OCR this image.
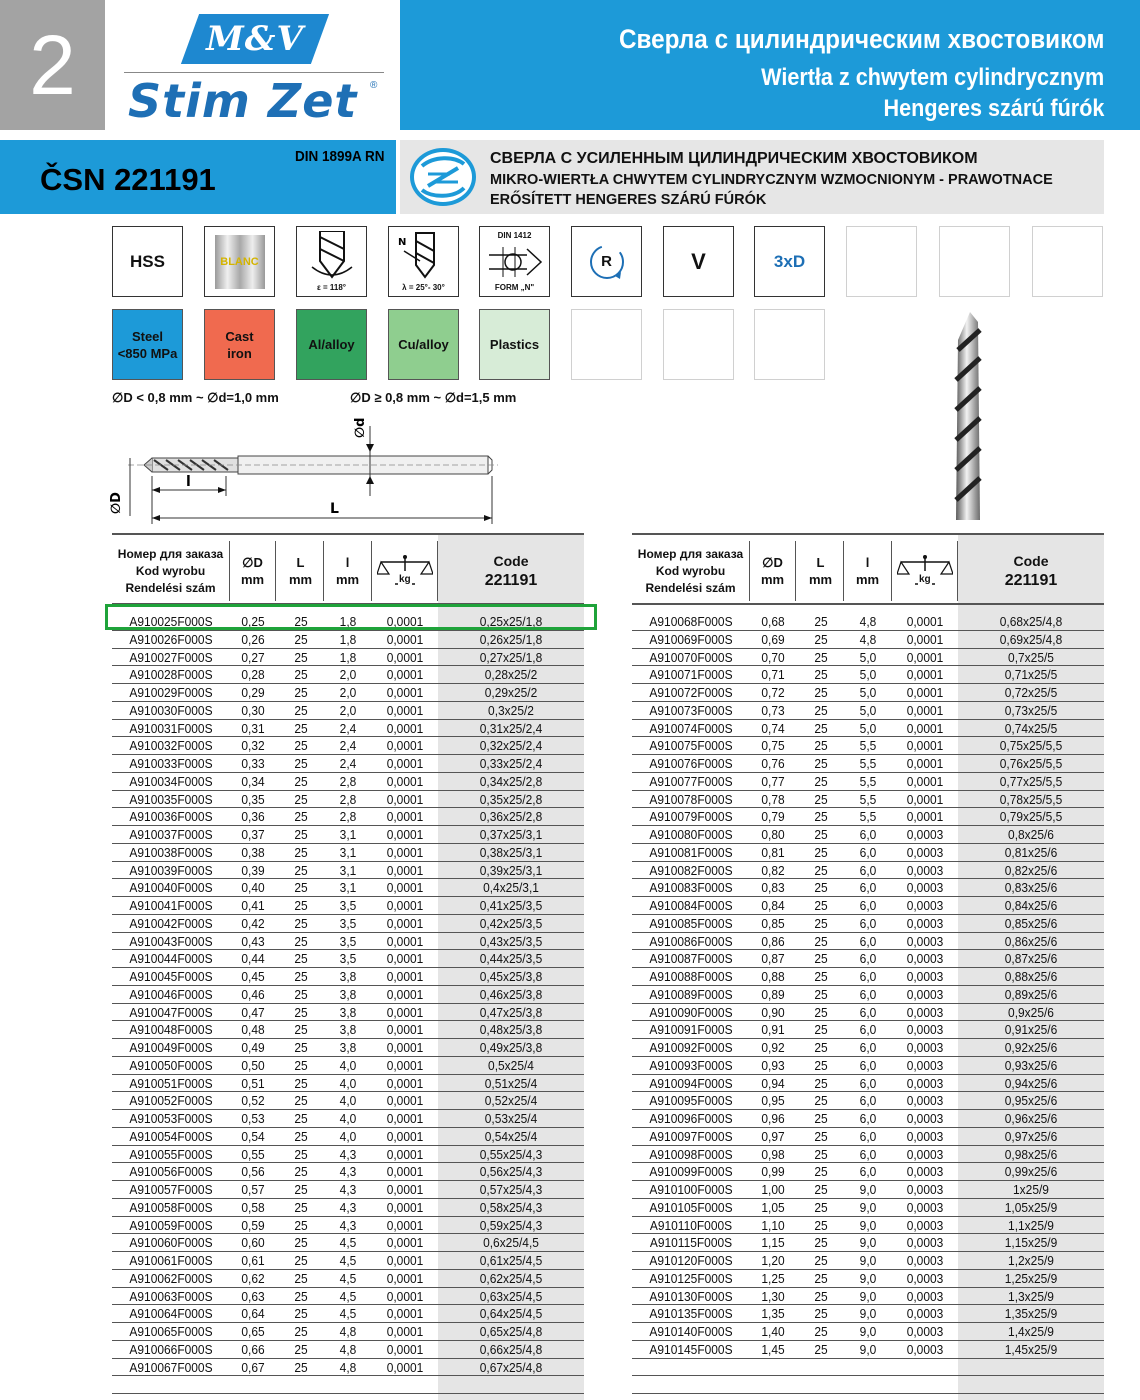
2	M&V
Stim Zet	®
Сверла с цилиндрическим хвостовиком
Wiertła z chwytem cylindrycznym
Hengeres szárú fúrók
ČSN 221191
DIN 1899A RN	СВЕРЛА С УСИЛЕННЫМ ЦИЛИНДРИЧЕСКИМ ХВОСТОВИКОМ
MIKRO-WIERTŁA CHWYTEM CYLINDRYCZNYM WZMOCNIONYM - PRAWOTNACE
ERŐSÍTETT HENGERES SZÁRÚ FÚRÓK
HSS	BLANC
ε = 118°
N
λ = 25°- 30°
DIN 1412
FORM „N"
R	V	3xD
Steel
<850 MPa
Cast
iron
Al/alloy	Cu/alloy	Plastics
∅D < 0,8 mm ~ ∅d=1,0 mm	∅D ≥ 0,8 mm ~ ∅d=1,5 mm
∅d
∅D
l
L
Номер для заказа
Kod wyrobu
Rendelési szám
∅D
mm
L
mm
l
mm	kg
Code
221191
A910025F000S	0,25	25	1,8	0,0001	0,25x25/1,8
A910026F000S	0,26	25	1,8	0,0001	0,26x25/1,8
A910027F000S	0,27	25	1,8	0,0001	0,27x25/1,8
A910028F000S	0,28	25	2,0	0,0001	0,28x25/2
A910029F000S	0,29	25	2,0	0,0001	0,29x25/2
A910030F000S	0,30	25	2,0	0,0001	0,3x25/2
A910031F000S	0,31	25	2,4	0,0001	0,31x25/2,4
A910032F000S	0,32	25	2,4	0,0001	0,32x25/2,4
A910033F000S	0,33	25	2,4	0,0001	0,33x25/2,4
A910034F000S	0,34	25	2,8	0,0001	0,34x25/2,8
A910035F000S	0,35	25	2,8	0,0001	0,35x25/2,8
A910036F000S	0,36	25	2,8	0,0001	0,36x25/2,8
A910037F000S	0,37	25	3,1	0,0001	0,37x25/3,1
A910038F000S	0,38	25	3,1	0,0001	0,38x25/3,1
A910039F000S	0,39	25	3,1	0,0001	0,39x25/3,1
A910040F000S	0,40	25	3,1	0,0001	0,4x25/3,1
A910041F000S	0,41	25	3,5	0,0001	0,41x25/3,5
A910042F000S	0,42	25	3,5	0,0001	0,42x25/3,5
A910043F000S	0,43	25	3,5	0,0001	0,43x25/3,5
A910044F000S	0,44	25	3,5	0,0001	0,44x25/3,5
A910045F000S	0,45	25	3,8	0,0001	0,45x25/3,8
A910046F000S	0,46	25	3,8	0,0001	0,46x25/3,8
A910047F000S	0,47	25	3,8	0,0001	0,47x25/3,8
A910048F000S	0,48	25	3,8	0,0001	0,48x25/3,8
A910049F000S	0,49	25	3,8	0,0001	0,49x25/3,8
A910050F000S	0,50	25	4,0	0,0001	0,5x25/4
A910051F000S	0,51	25	4,0	0,0001	0,51x25/4
A910052F000S	0,52	25	4,0	0,0001	0,52x25/4
A910053F000S	0,53	25	4,0	0,0001	0,53x25/4
A910054F000S	0,54	25	4,0	0,0001	0,54x25/4
A910055F000S	0,55	25	4,3	0,0001	0,55x25/4,3
A910056F000S	0,56	25	4,3	0,0001	0,56x25/4,3
A910057F000S	0,57	25	4,3	0,0001	0,57x25/4,3
A910058F000S	0,58	25	4,3	0,0001	0,58x25/4,3
A910059F000S	0,59	25	4,3	0,0001	0,59x25/4,3
A910060F000S	0,60	25	4,5	0,0001	0,6x25/4,5
A910061F000S	0,61	25	4,5	0,0001	0,61x25/4,5
A910062F000S	0,62	25	4,5	0,0001	0,62x25/4,5
A910063F000S	0,63	25	4,5	0,0001	0,63x25/4,5
A910064F000S	0,64	25	4,5	0,0001	0,64x25/4,5
A910065F000S	0,65	25	4,8	0,0001	0,65x25/4,8
A910066F000S	0,66	25	4,8	0,0001	0,66x25/4,8
A910067F000S	0,67	25	4,8	0,0001	0,67x25/4,8
Номер для заказа
Kod wyrobu
Rendelési szám
∅D
mm
L
mm
l
mm	kg
Code
221191
A910068F000S	0,68	25	4,8	0,0001	0,68x25/4,8
A910069F000S	0,69	25	4,8	0,0001	0,69x25/4,8
A910070F000S	0,70	25	5,0	0,0001	0,7x25/5
A910071F000S	0,71	25	5,0	0,0001	0,71x25/5
A910072F000S	0,72	25	5,0	0,0001	0,72x25/5
A910073F000S	0,73	25	5,0	0,0001	0,73x25/5
A910074F000S	0,74	25	5,0	0,0001	0,74x25/5
A910075F000S	0,75	25	5,5	0,0001	0,75x25/5,5
A910076F000S	0,76	25	5,5	0,0001	0,76x25/5,5
A910077F000S	0,77	25	5,5	0,0001	0,77x25/5,5
A910078F000S	0,78	25	5,5	0,0001	0,78x25/5,5
A910079F000S	0,79	25	5,5	0,0001	0,79x25/5,5
A910080F000S	0,80	25	6,0	0,0003	0,8x25/6
A910081F000S	0,81	25	6,0	0,0003	0,81x25/6
A910082F000S	0,82	25	6,0	0,0003	0,82x25/6
A910083F000S	0,83	25	6,0	0,0003	0,83x25/6
A910084F000S	0,84	25	6,0	0,0003	0,84x25/6
A910085F000S	0,85	25	6,0	0,0003	0,85x25/6
A910086F000S	0,86	25	6,0	0,0003	0,86x25/6
A910087F000S	0,87	25	6,0	0,0003	0,87x25/6
A910088F000S	0,88	25	6,0	0,0003	0,88x25/6
A910089F000S	0,89	25	6,0	0,0003	0,89x25/6
A910090F000S	0,90	25	6,0	0,0003	0,9x25/6
A910091F000S	0,91	25	6,0	0,0003	0,91x25/6
A910092F000S	0,92	25	6,0	0,0003	0,92x25/6
A910093F000S	0,93	25	6,0	0,0003	0,93x25/6
A910094F000S	0,94	25	6,0	0,0003	0,94x25/6
A910095F000S	0,95	25	6,0	0,0003	0,95x25/6
A910096F000S	0,96	25	6,0	0,0003	0,96x25/6
A910097F000S	0,97	25	6,0	0,0003	0,97x25/6
A910098F000S	0,98	25	6,0	0,0003	0,98x25/6
A910099F000S	0,99	25	6,0	0,0003	0,99x25/6
A910100F000S	1,00	25	9,0	0,0003	1x25/9
A910105F000S	1,05	25	9,0	0,0003	1,05x25/9
A910110F000S	1,10	25	9,0	0,0003	1,1x25/9
A910115F000S	1,15	25	9,0	0,0003	1,15x25/9
A910120F000S	1,20	25	9,0	0,0003	1,2x25/9
A910125F000S	1,25	25	9,0	0,0003	1,25x25/9
A910130F000S	1,30	25	9,0	0,0003	1,3x25/9
A910135F000S	1,35	25	9,0	0,0003	1,35x25/9
A910140F000S	1,40	25	9,0	0,0003	1,4x25/9
A910145F000S	1,45	25	9,0	0,0003	1,45x25/9
